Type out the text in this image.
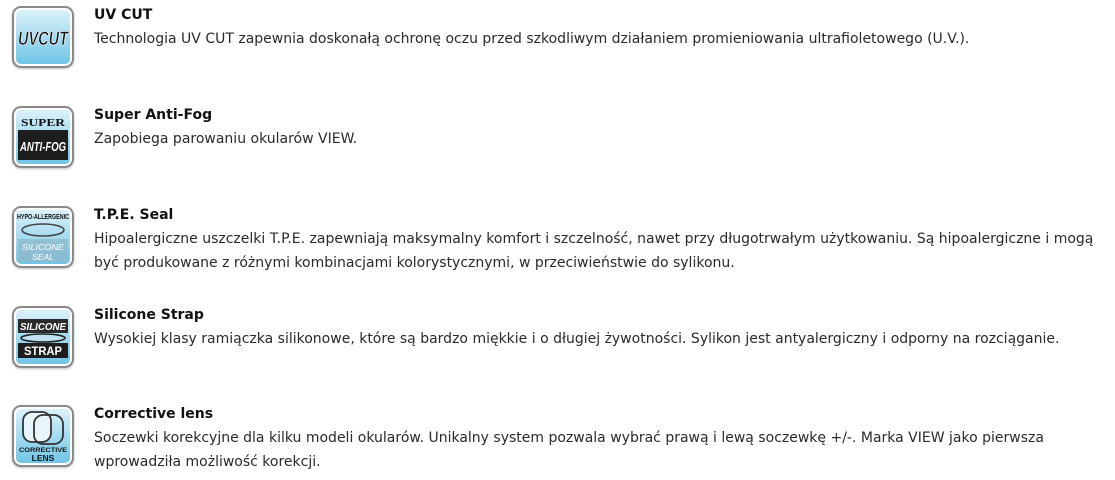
UVCUT
UV CUT
Technologia UV CUT zapewnia doskonałą ochronę oczu przed szkodliwym działaniem promieniowania ultrafioletowego (U.V.).
SUPER
ANTI-FOG
Super Anti-Fog
Zapobiega parowaniu okularów VIEW.
HYPO-ALLERGENIC
SILICONE
SEAL
T.P.E. Seal
Hipoalergiczne uszczelki T.P.E. zapewniają maksymalny komfort i szczelność, nawet przy długotrwałym użytkowaniu. Są hipoalergiczne i mogą być produkowane z różnymi kombinacjami kolorystycznymi, w przeciwieństwie do sylikonu.
SILICONE
STRAP
Silicone Strap
Wysokiej klasy ramiączka silikonowe, które są bardzo miękkie i o długiej żywotności. Sylikon jest antyalergiczny i odporny na rozciąganie.
CORRECTIVE
LENS
Corrective lens
Soczewki korekcyjne dla kilku modeli okularów. Unikalny system pozwala wybrać prawą i lewą soczewkę +/-. Marka VIEW jako pierwsza wprowadziła możliwość korekcji.
